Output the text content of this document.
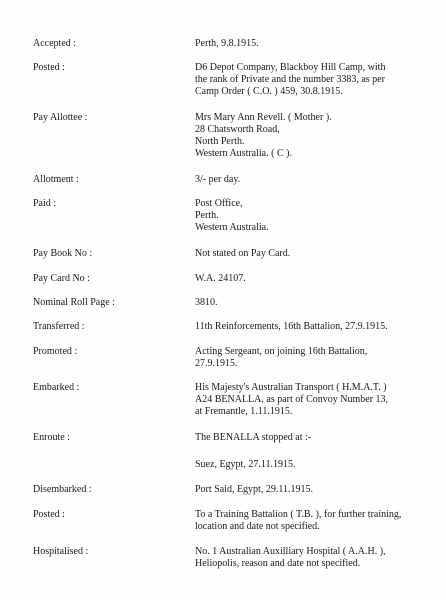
Accepted :	Perth, 9.8.1915.
Posted :	D6 Depot Company, Blackboy Hill Camp, with
the rank of Private and the number 3383, as per
Camp Order ( C.O. ) 459, 30.8.1915.
Pay Allottee :	Mrs Mary Ann Revell. ( Mother ).
28 Chatsworth Road,
North Perth.
Western Australia. ( C ).
Allotment :	3/- per day.
Paid :	Post Office,
Perth.
Western Australia.
Pay Book No :	Not stated on Pay Card.
Pay Card No :	W.A. 24107.
Nominal Roll Page :	3810.
Transferred :	11th Reinforcements, 16th Battalion, 27.9.1915.
Promoted :	Acting Sergeant, on joining 16th Battalion,
27.9.1915.
Embarked :	His Majesty's Australian Transport ( H.M.A.T. )
A24 BENALLA, as part of Convoy Number 13,
at Fremantle, 1.11.1915.
Enroute :	The BENALLA stopped at :-
Suez, Egypt, 27.11.1915.
Disembarked :	Port Said, Egypt, 29.11.1915.
Posted :	To a Training Battalion ( T.B. ), for further training,
location and date not specified.
Hospitalised :	No. 1 Australian Auxilliary Hospital ( A.A.H. ),
Heliopolis, reason and date not specified.
